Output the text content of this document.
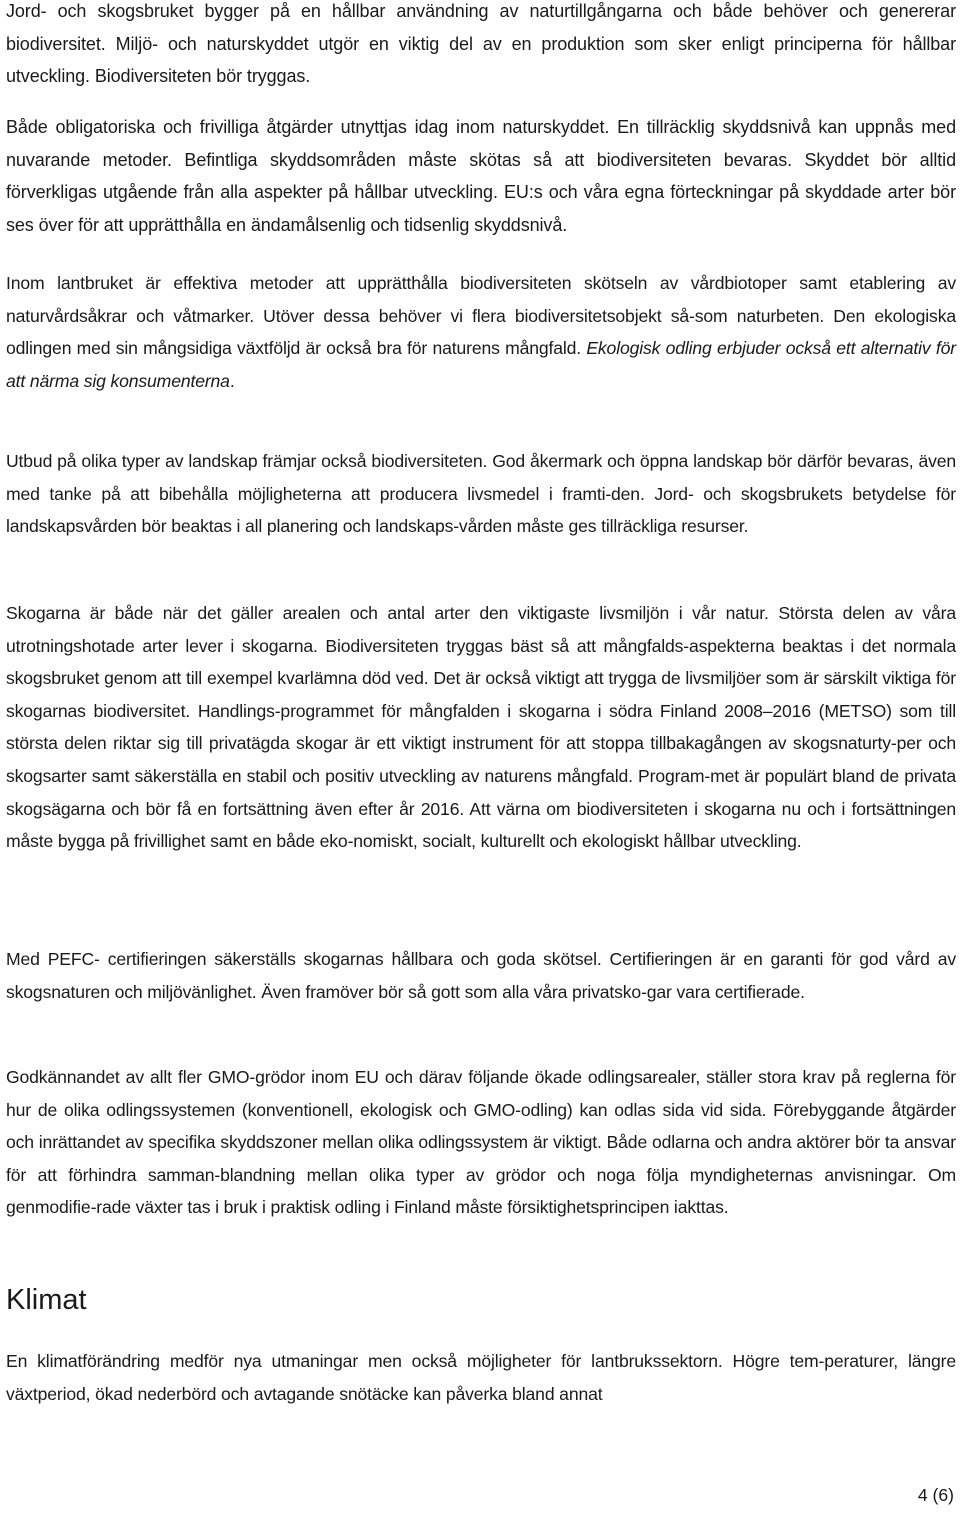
Jord- och skogsbruket bygger på en hållbar användning av naturtillgångarna och både behöver och genererar biodiversitet. Miljö- och naturskyddet utgör en viktig del av en produktion som sker enligt principerna för hållbar utveckling. Biodiversiteten bör tryggas.

Både obligatoriska och frivilliga åtgärder utnyttjas idag inom naturskyddet. En tillräcklig skyddsnivå kan uppnås med nuvarande metoder. Befintliga skyddsområden måste skötas så att biodiversiteten bevaras. Skyddet bör alltid förverkligas utgående från alla aspekter på hållbar utveckling. EU:s och våra egna förteckningar på skyddade arter bör ses över för att upprätthålla en ändamålsenlig och tidsenlig skyddsnivå.

Inom lantbruket är effektiva metoder att upprätthålla biodiversiteten skötseln av vårdbiotoper samt etablering av naturvårdsåkrar och våtmarker. Utöver dessa behöver vi flera biodiversitetsobjekt så-som naturbeten. Den ekologiska odlingen med sin mångsidiga växtföljd är också bra för naturens mångfald. Ekologisk odling erbjuder också ett alternativ för att närma sig konsumenterna.

Utbud på olika typer av landskap främjar också biodiversiteten. God åkermark och öppna landskap bör därför bevaras, även med tanke på att bibehålla möjligheterna att producera livsmedel i framti-den. Jord- och skogsbrukets betydelse för landskapsvården bör beaktas i all planering och landskaps-vården måste ges tillräckliga resurser.

Skogarna är både när det gäller arealen och antal arter den viktigaste livsmiljön i vår natur. Största delen av våra utrotningshotade arter lever i skogarna. Biodiversiteten tryggas bäst så att mångfalds-aspekterna beaktas i det normala skogsbruket genom att till exempel kvarlämna död ved. Det är också viktigt att trygga de livsmiljöer som är särskilt viktiga för skogarnas biodiversitet. Handlings-programmet för mångfalden i skogarna i södra Finland 2008–2016 (METSO) som till största delen riktar sig till privatägda skogar är ett viktigt instrument för att stoppa tillbakagången av skogsnaturty-per och skogsarter samt säkerställa en stabil och positiv utveckling av naturens mångfald. Program-met är populärt bland de privata skogsägarna och bör få en fortsättning även efter år 2016. Att värna om biodiversiteten i skogarna nu och i fortsättningen måste bygga på frivillighet samt en både eko-nomiskt, socialt, kulturellt och ekologiskt hållbar utveckling.

Med PEFC- certifieringen säkerställs skogarnas hållbara och goda skötsel. Certifieringen är en garanti för god vård av skogsnaturen och miljövänlighet. Även framöver bör så gott som alla våra privatsko-gar vara certifierade.

Godkännandet av allt fler GMO-grödor inom EU och därav följande ökade odlingsarealer, ställer stora krav på reglerna för hur de olika odlingssystemen (konventionell, ekologisk och GMO-odling) kan odlas sida vid sida. Förebyggande åtgärder och inrättandet av specifika skyddszoner mellan olika odlingssystem är viktigt. Både odlarna och andra aktörer bör ta ansvar för att förhindra samman-blandning mellan olika typer av grödor och noga följa myndigheternas anvisningar. Om genmodifie-rade växter tas i bruk i praktisk odling i Finland måste försiktighetsprincipen iakttas.

Klimat

En klimatförändring medför nya utmaningar men också möjligheter för lantbrukssektorn. Högre tem-peraturer, längre växtperiod, ökad nederbörd och avtagande snötäcke kan påverka bland annat

4 (6)
